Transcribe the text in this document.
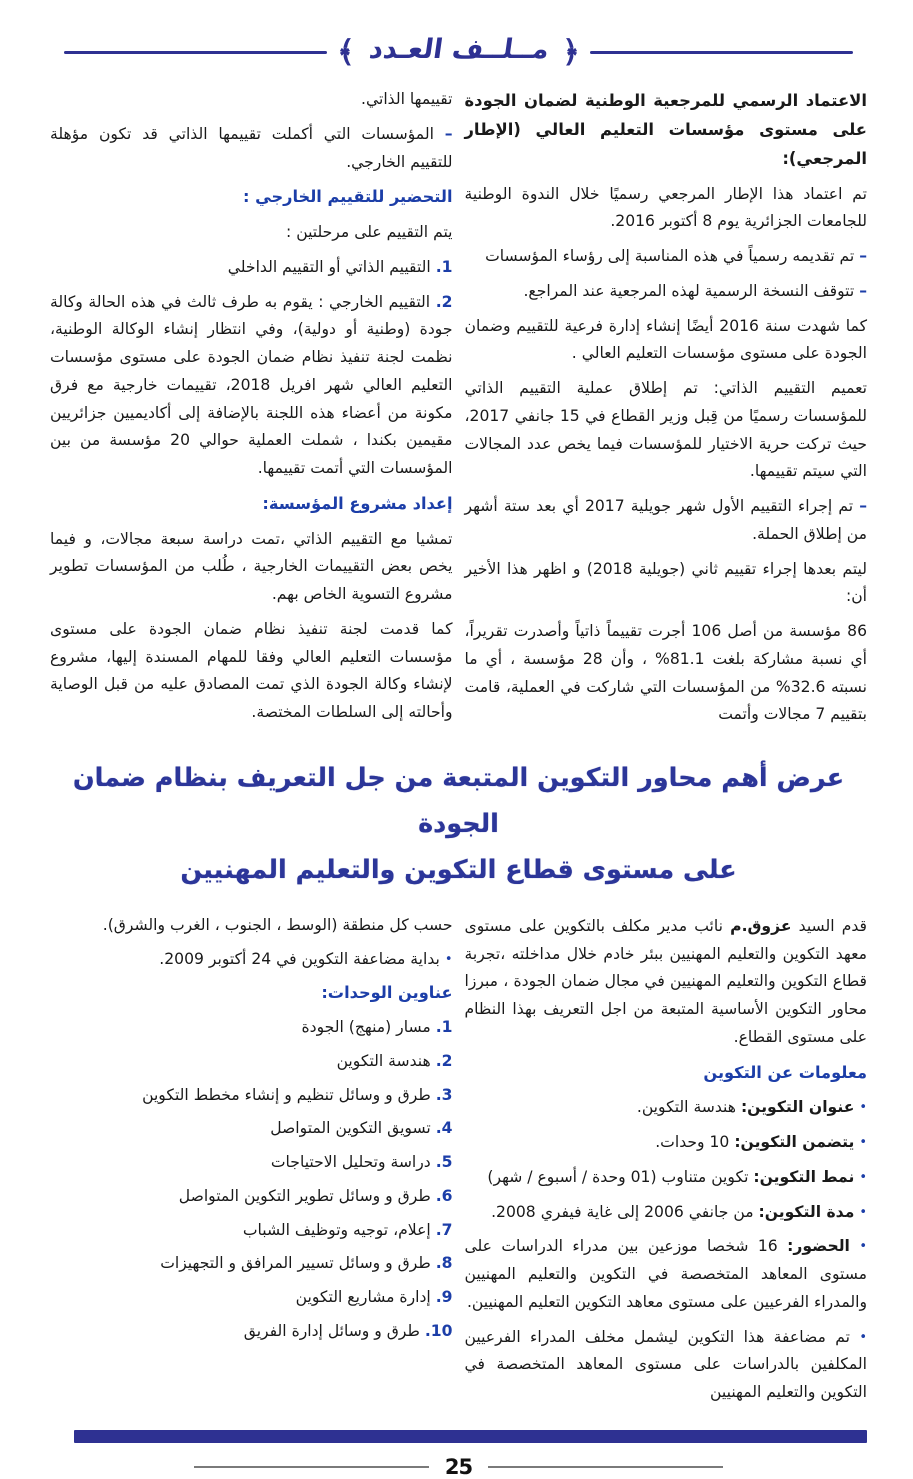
﴿
مــلــف العـدد
﴾

الاعتماد الرسمي للمرجعية الوطنية لضمان الجودة على مستوى مؤسسات التعليم العالي (الإطار المرجعي):

تم اعتماد هذا الإطار المرجعي رسميًا خلال الندوة الوطنية للجامعات الجزائرية يوم 8 أكتوبر 2016.

– تم تقديمه رسمياً في هذه المناسبة إلى رؤساء المؤسسات

– تتوقف النسخة الرسمية لهذه المرجعية عند المراجع.

كما شهدت سنة 2016 أيضًا إنشاء إدارة فرعية للتقييم وضمان الجودة على مستوى مؤسسات التعليم العالي .

تعميم التقييم الذاتي: تم إطلاق عملية التقييم الذاتي للمؤسسات رسميًا من قِبل وزير القطاع في 15 جانفي 2017، حيث تركت حرية الاختيار للمؤسسات فيما يخص عدد المجالات التي سيتم تقييمها.

– تم إجراء التقييم الأول شهر جويلية 2017 أي بعد ستة أشهر من إطلاق الحملة.

ليتم بعدها إجراء تقييم ثاني (جويلية 2018) و اظهر هذا الأخير أن:

86 مؤسسة من أصل 106 أجرت تقييماً ذاتياً وأصدرت تقريراً، أي نسبة مشاركة بلغت 81.1% ، وأن 28 مؤسسة ، أي ما نسبته 32.6% من المؤسسات التي شاركت في العملية، قامت بتقييم 7 مجالات وأتمت

تقييمها الذاتي.

– المؤسسات التي أكملت تقييمها الذاتي قد تكون مؤهلة للتقييم الخارجي.

التحضير للتقييم الخارجي :

يتم التقييم على مرحلتين :

1. التقييم الذاتي أو التقييم الداخلي

2. التقييم الخارجي : يقوم به طرف ثالث في هذه الحالة وكالة جودة (وطنية أو دولية)، وفي انتظار إنشاء الوكالة الوطنية، نظمت لجنة تنفيذ نظام ضمان الجودة على مستوى مؤسسات التعليم العالي شهر افريل 2018، تقييمات خارجية مع فرق مكونة من أعضاء هذه اللجنة بالإضافة إلى أكاديميين جزائريين مقيمين بكندا ، شملت العملية حوالي 20 مؤسسة من بين المؤسسات التي أتمت تقييمها.

إعداد مشروع المؤسسة:

تمشيا مع التقييم الذاتي ،تمت دراسة سبعة مجالات، و فيما يخص بعض التقييمات الخارجية ، طُلب من المؤسسات تطوير مشروع التسوية الخاص بهم.

كما قدمت لجنة تنفيذ نظام ضمان الجودة على مستوى مؤسسات التعليم العالي وفقا للمهام المسندة إليها، مشروع لإنشاء وكالة الجودة الذي تمت المصادق عليه من قبل الوصاية وأحالته إلى السلطات المختصة.

عرض أهم محاور التكوين المتبعة من جل التعريف بنظام ضمان الجودة
على مستوى قطاع التكوين والتعليم المهنيين

قدم السيد عزوق.م نائب مدير مكلف بالتكوين على مستوى معهد التكوين والتعليم المهنيين ببئر خادم خلال مداخلته ،تجربة قطاع التكوين والتعليم المهنيين في مجال ضمان الجودة ، مبرزا محاور التكوين الأساسية المتبعة من اجل التعريف بهذا النظام على مستوى القطاع.

معلومات عن التكوين

• عنوان التكوين: هندسة التكوين.

• يتضمن التكوين: 10 وحدات.

• نمط التكوين: تكوين متناوب (01 وحدة / أسبوع / شهر)

• مدة التكوين: من جانفي 2006 إلى غاية فيفري 2008.

• الحضور: 16 شخصا موزعين بين مدراء الدراسات على مستوى المعاهد المتخصصة في التكوين والتعليم المهنيين والمدراء الفرعيين على مستوى معاهد التكوين التعليم المهنيين.

• تم مضاعفة هذا التكوين ليشمل مخلف المدراء الفرعيين المكلفين بالدراسات على مستوى المعاهد المتخصصة في التكوين والتعليم المهنيين

حسب كل منطقة (الوسط ، الجنوب ، الغرب والشرق).

• بداية مضاعفة التكوين في 24 أكتوبر 2009.

عناوين الوحدات:

1. مسار (منهج) الجودة

2. هندسة التكوين

3. طرق و وسائل تنظيم و إنشاء مخطط التكوين

4. تسويق التكوين المتواصل

5. دراسة وتحليل الاحتياجات

6. طرق و وسائل تطوير التكوين المتواصل

7. إعلام، توجيه وتوظيف الشباب

8. طرق و وسائل تسيير المرافق و التجهيزات

9. إدارة مشاريع التكوين

10. طرق و وسائل إدارة الفريق

25
